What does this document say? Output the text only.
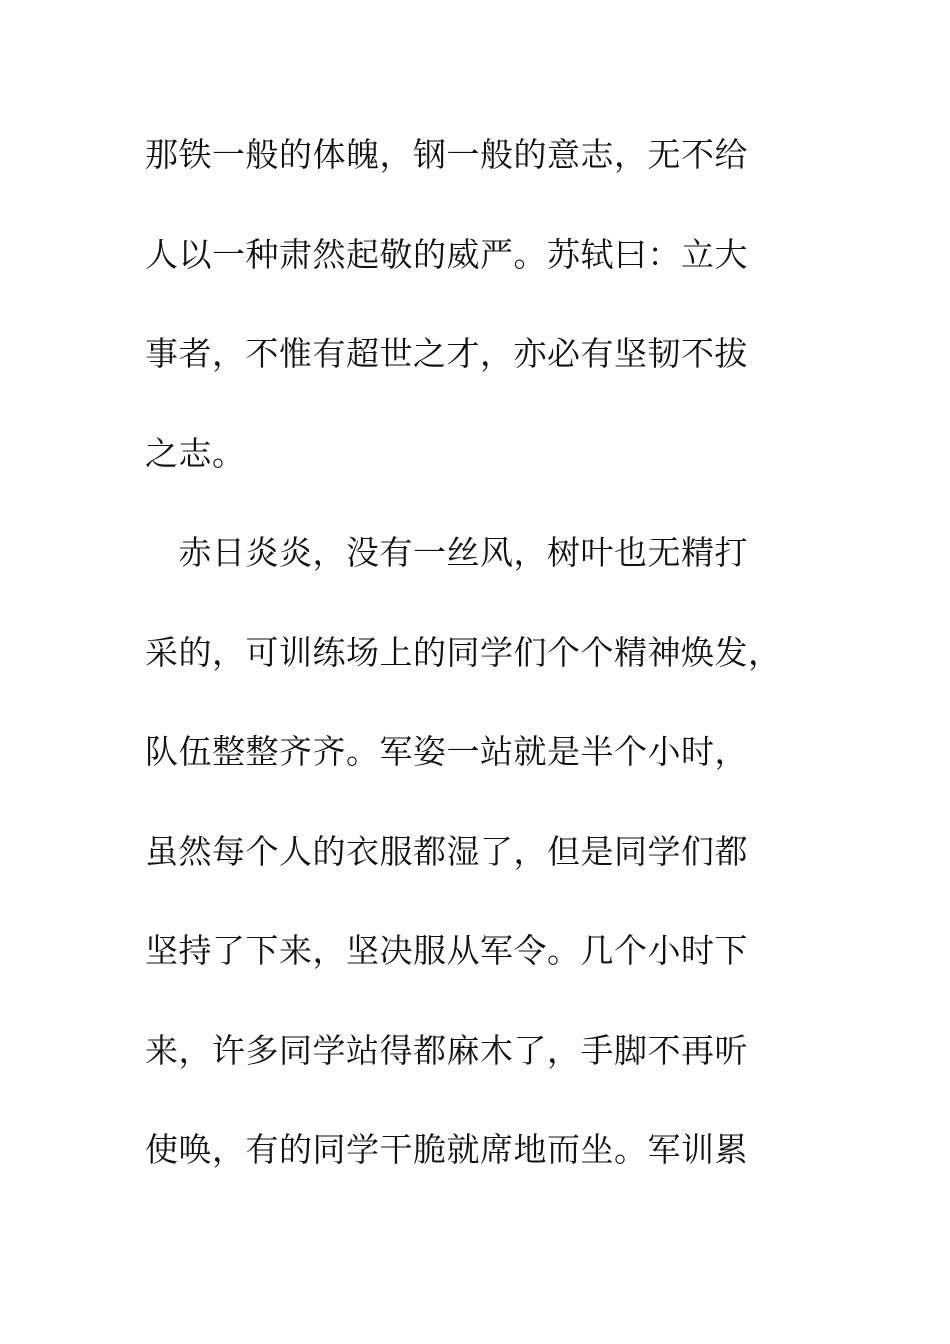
那铁一般的体魄，钢一般的意志，无不给
人以一种肃然起敬的威严。苏轼曰：立大
事者，不惟有超世之才，亦必有坚韧不拔
之志。
　赤日炎炎，没有一丝风，树叶也无精打
采的，可训练场上的同学们个个精神焕发，
队伍整整齐齐。军姿一站就是半个小时，
虽然每个人的衣服都湿了，但是同学们都
坚持了下来，坚决服从军令。几个小时下
来，许多同学站得都麻木了，手脚不再听
使唤，有的同学干脆就席地而坐。军训累
